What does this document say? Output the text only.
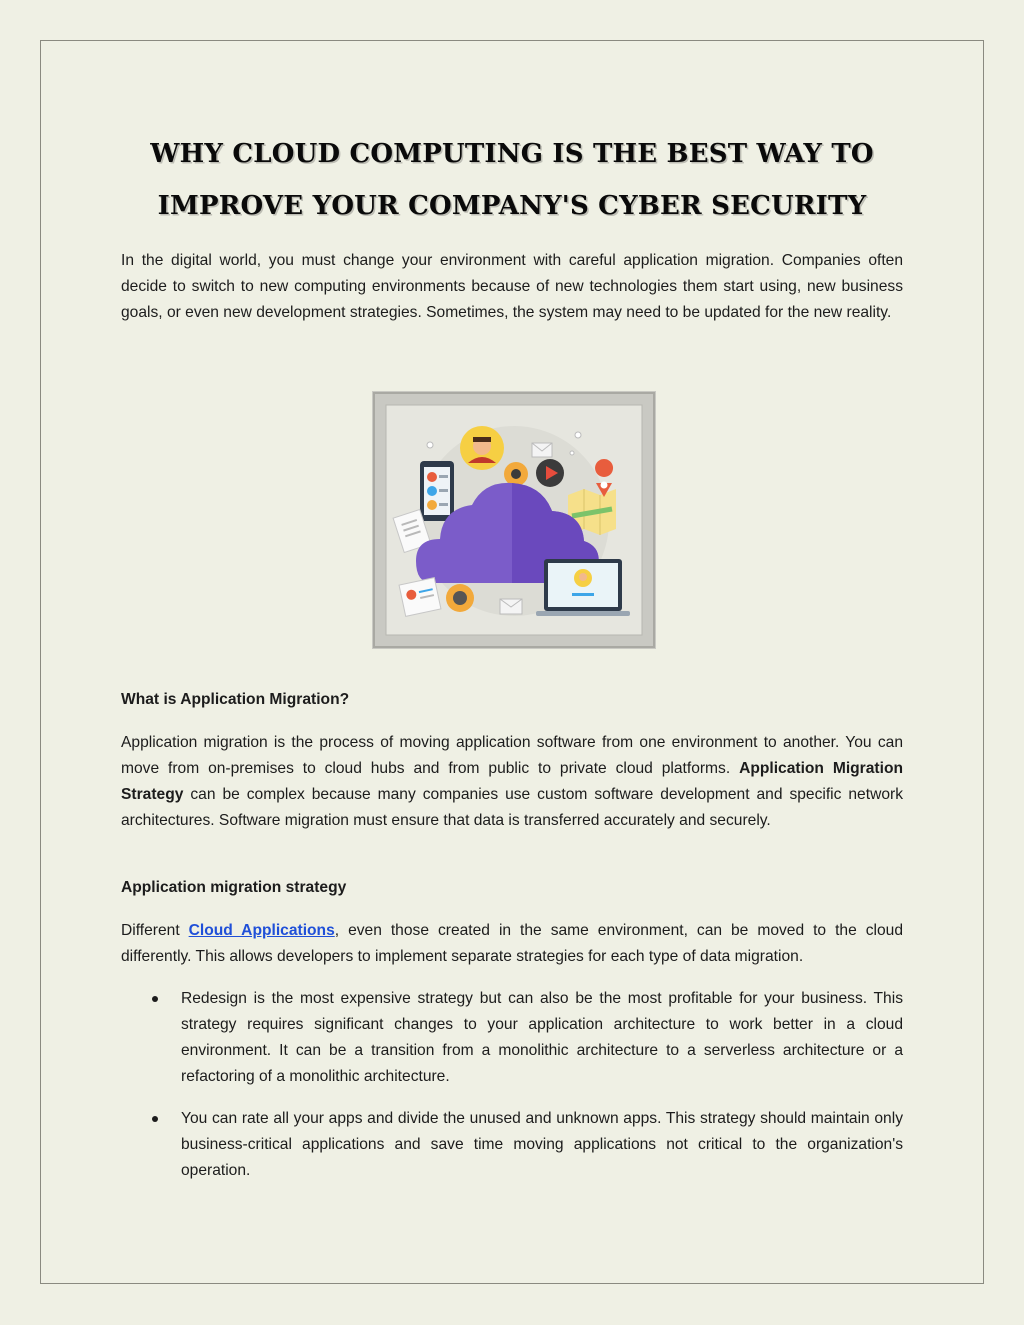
WHY CLOUD COMPUTING IS THE BEST WAY TO
IMPROVE YOUR COMPANY'S CYBER SECURITY

In the digital world, you must change your environment with careful application migration. Companies often decide to switch to new computing environments because of new technologies them start using, new business goals, or even new development strategies. Sometimes, the system may need to be updated for the new reality.

What is Application Migration?

Application migration is the process of moving application software from one environment to another. You can move from on-premises to cloud hubs and from public to private cloud platforms. Application Migration Strategy can be complex because many companies use custom software development and specific network architectures. Software migration must ensure that data is transferred accurately and securely.

Application migration strategy

Different Cloud Applications, even those created in the same environment, can be moved to the cloud differently. This allows developers to implement separate strategies for each type of data migration.

Redesign is the most expensive strategy but can also be the most profitable for your business. This strategy requires significant changes to your application architecture to work better in a cloud environment. It can be a transition from a monolithic architecture to a serverless architecture or a refactoring of a monolithic architecture.
You can rate all your apps and divide the unused and unknown apps. This strategy should maintain only business-critical applications and save time moving applications not critical to the organization's operation.
